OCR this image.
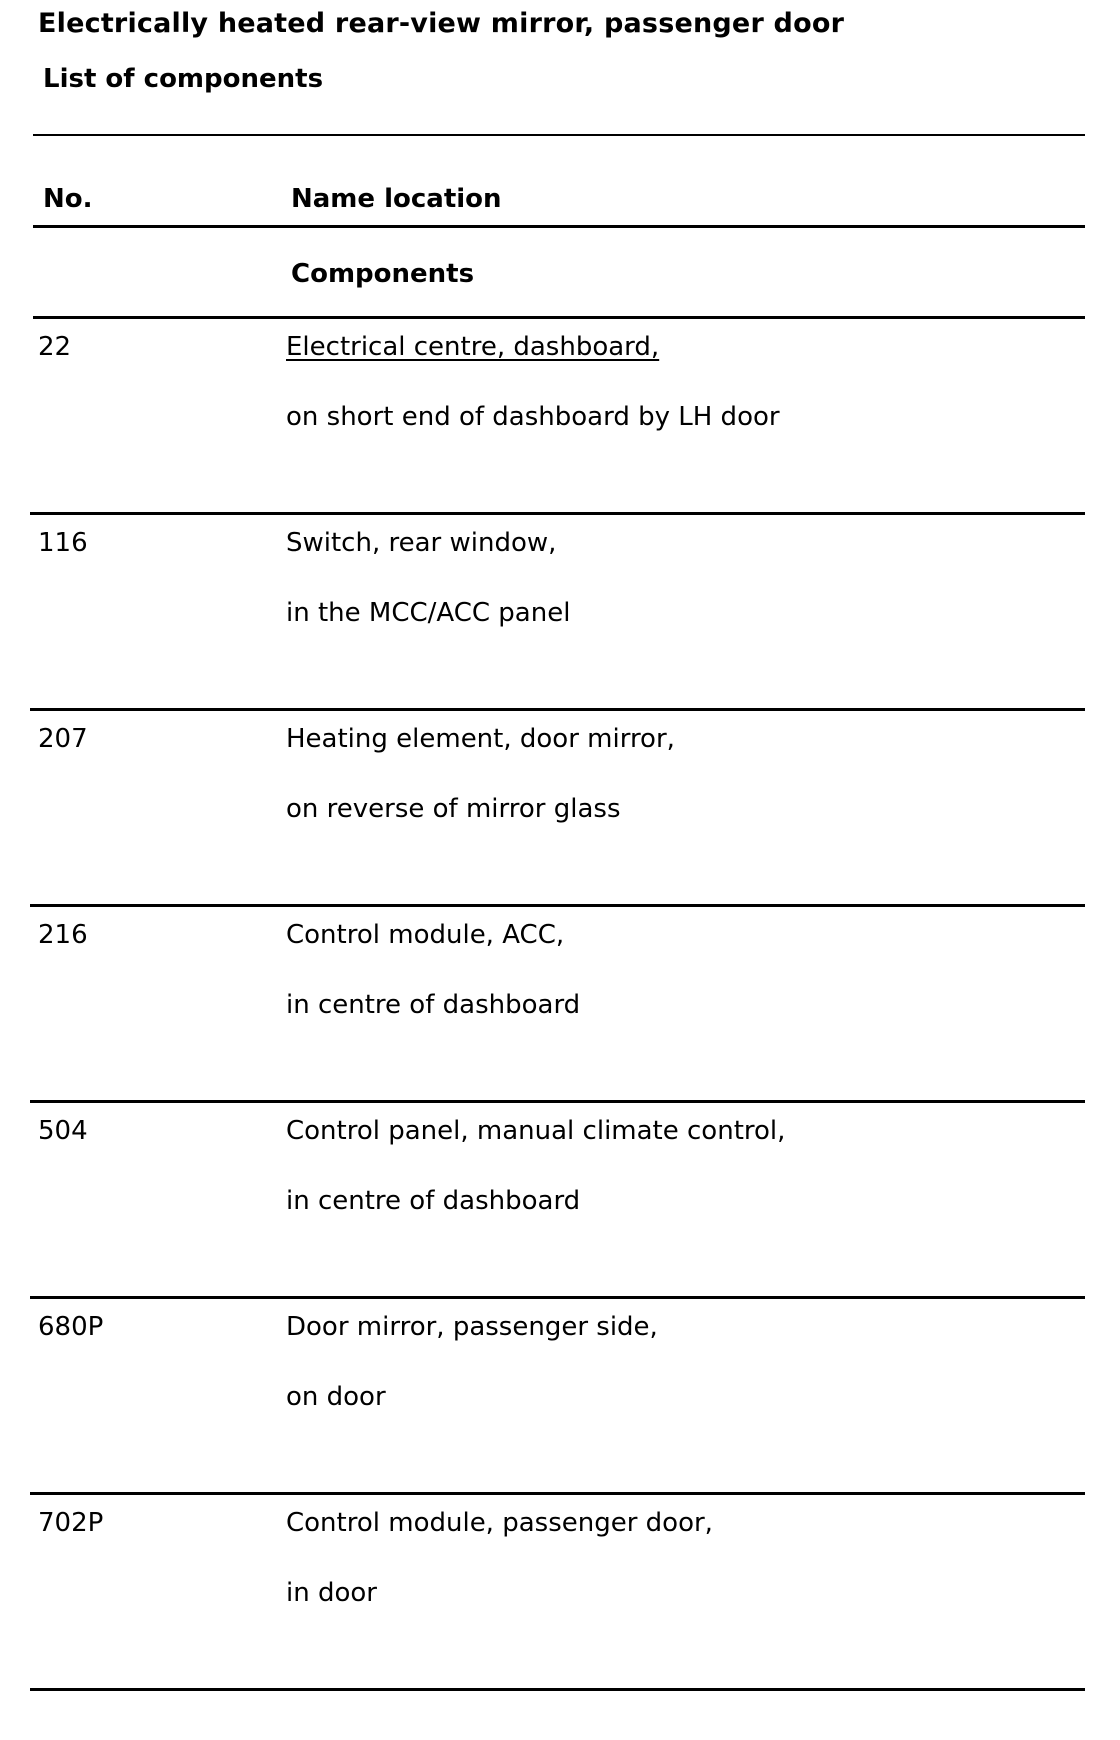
Electrically heated rear-view mirror, passenger door
List of components
No.	Name location
Components
22	Electrical centre, dashboard,
on short end of dashboard by LH door
116	Switch, rear window,
in the MCC/ACC panel
207	Heating element, door mirror,
on reverse of mirror glass
216	Control module, ACC,
in centre of dashboard
504	Control panel, manual climate control,
in centre of dashboard
680P	Door mirror, passenger side,
on door
702P	Control module, passenger door,
in door
